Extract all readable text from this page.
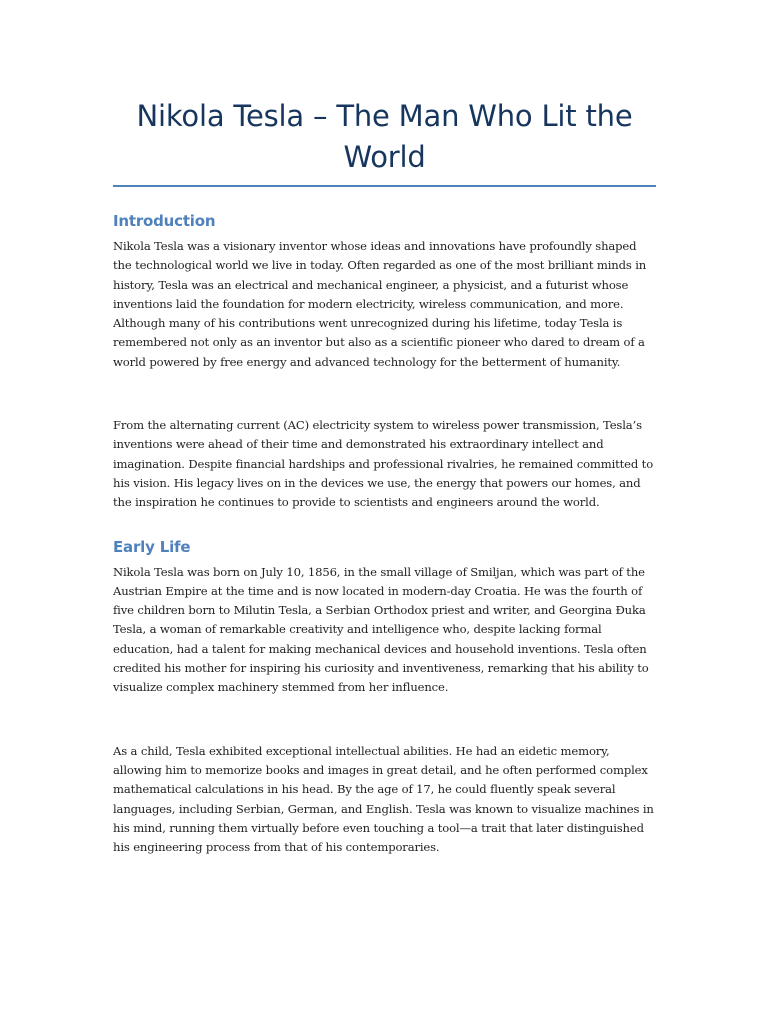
Nikola Tesla – The Man Who Lit the World
Introduction

Nikola Tesla was a visionary inventor whose ideas and innovations have profoundly shaped the technological world we live in today. Often regarded as one of the most brilliant minds in history, Tesla was an electrical and mechanical engineer, a physicist, and a futurist whose inventions laid the foundation for modern electricity, wireless communication, and more. Although many of his contributions went unrecognized during his lifetime, today Tesla is remembered not only as an inventor but also as a scientific pioneer who dared to dream of a world powered by free energy and advanced technology for the betterment of humanity.

From the alternating current (AC) electricity system to wireless power transmission, Tesla’s inventions were ahead of their time and demonstrated his extraordinary intellect and imagination. Despite financial hardships and professional rivalries, he remained committed to his vision. His legacy lives on in the devices we use, the energy that powers our homes, and the inspiration he continues to provide to scientists and engineers around the world.

Early Life

Nikola Tesla was born on July 10, 1856, in the small village of Smiljan, which was part of the Austrian Empire at the time and is now located in modern-day Croatia. He was the fourth of five children born to Milutin Tesla, a Serbian Orthodox priest and writer, and Georgina Đuka Tesla, a woman of remarkable creativity and intelligence who, despite lacking formal education, had a talent for making mechanical devices and household inventions. Tesla often credited his mother for inspiring his curiosity and inventiveness, remarking that his ability to visualize complex machinery stemmed from her influence.

As a child, Tesla exhibited exceptional intellectual abilities. He had an eidetic memory, allowing him to memorize books and images in great detail, and he often performed complex mathematical calculations in his head. By the age of 17, he could fluently speak several languages, including Serbian, German, and English. Tesla was known to visualize machines in his mind, running them virtually before even touching a tool—a trait that later distinguished his engineering process from that of his contemporaries.
